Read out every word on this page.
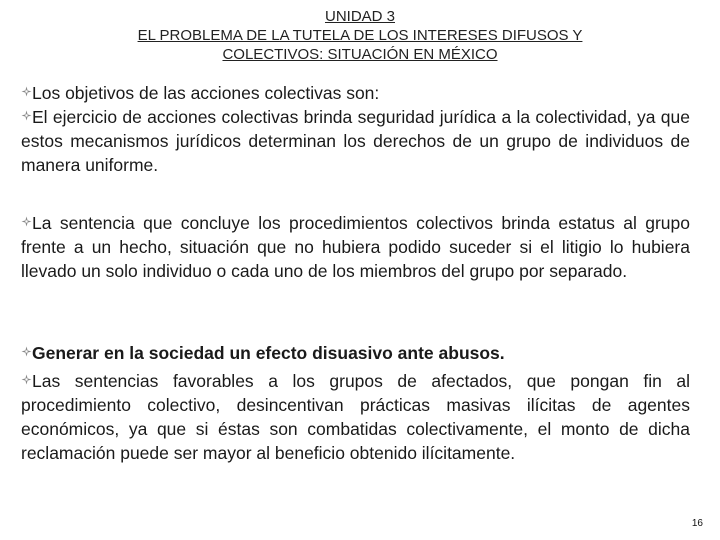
UNIDAD 3
EL PROBLEMA DE LA TUTELA DE LOS INTERESES DIFUSOS Y
COLECTIVOS: SITUACIÓN EN MÉXICO
Los objetivos de las acciones colectivas son:
El ejercicio de acciones colectivas brinda seguridad jurídica a la colectividad, ya que estos mecanismos jurídicos determinan los derechos de un grupo de individuos de manera uniforme.
La sentencia que concluye los procedimientos colectivos brinda estatus al grupo frente a un hecho, situación que no hubiera podido suceder si el litigio lo hubiera llevado un solo individuo o cada uno de los miembros del grupo por separado.
Generar en la sociedad un efecto disuasivo ante abusos.
Las sentencias favorables a los grupos de afectados, que pongan fin al procedimiento colectivo, desincentivan prácticas masivas ilícitas de agentes económicos, ya que si éstas son combatidas colectivamente, el monto de dicha reclamación puede ser mayor al beneficio obtenido ilícitamente.
16
